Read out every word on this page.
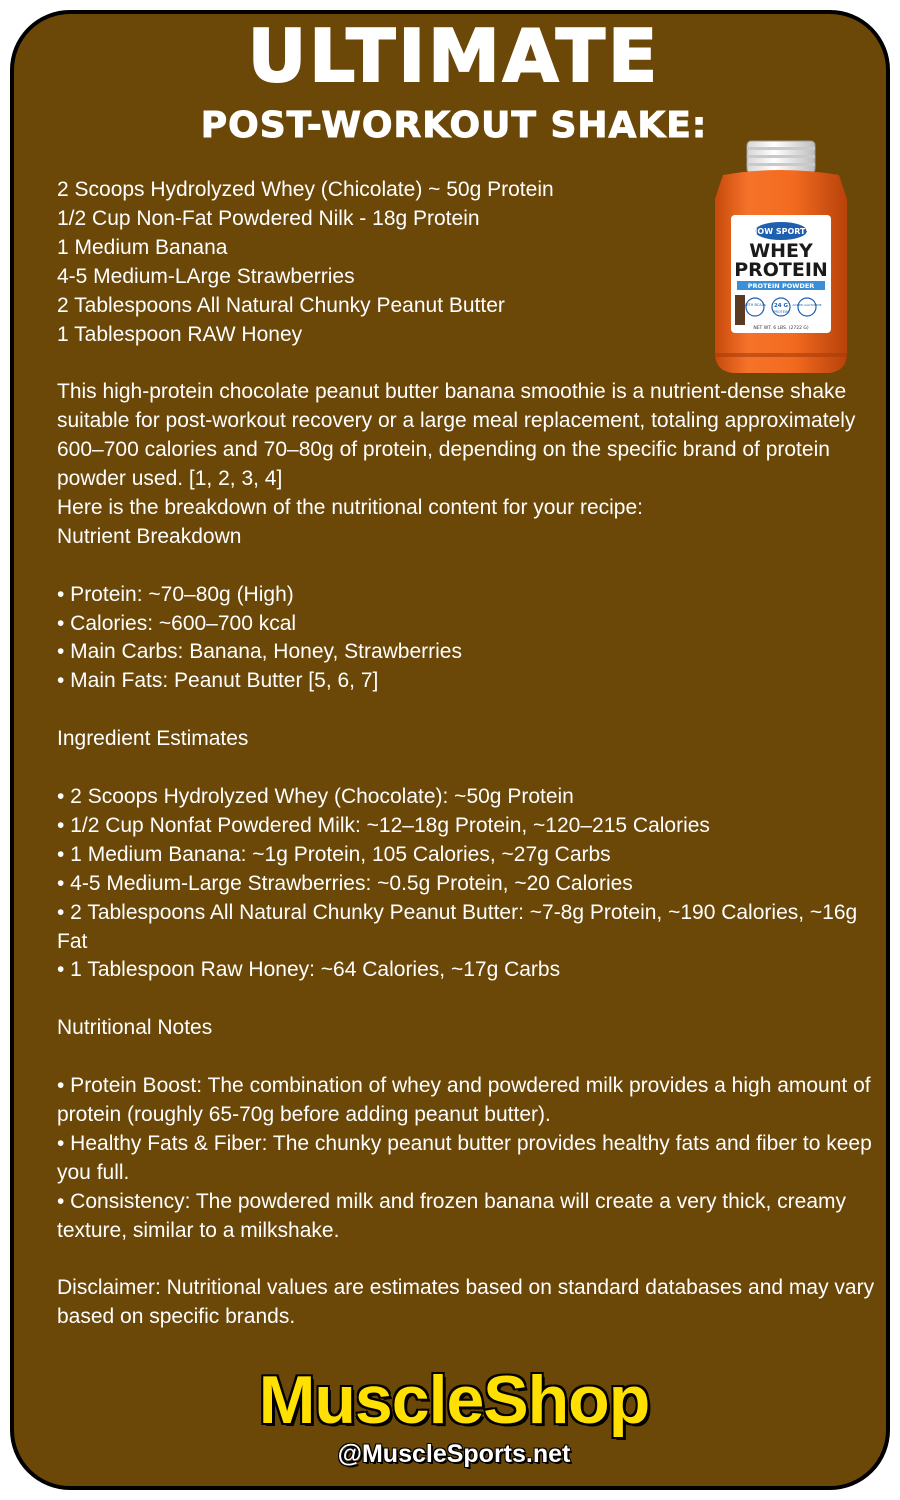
ULTIMATE
POST-WORKOUT SHAKE:
NOW SPORTS
WHEY
PROTEIN
PROTEIN POWDER
WITH BCAAs 24 G
PROTEIN
ADDED GLUTAMINE
NET WT. 6 LBS. (2722 G)
2 Scoops Hydrolyzed Whey (Chicolate) ~ 50g Protein
1/2 Cup Non-Fat Powdered Nilk - 18g Protein
1 Medium Banana
4-5 Medium-LArge Strawberries
2 Tablespoons All Natural Chunky Peanut Butter
1 Tablespoon RAW Honey
This high-protein chocolate peanut butter banana smoothie is a nutrient-dense shake suitable for post-workout recovery or a large meal replacement, totaling approximately 600–700 calories and 70–80g of protein, depending on the specific brand of protein powder used. [1, 2, 3, 4]
Here is the breakdown of the nutritional content for your recipe:
Nutrient Breakdown
• Protein: ~70–80g (High)
• Calories: ~600–700 kcal
• Main Carbs: Banana, Honey, Strawberries
• Main Fats: Peanut Butter [5, 6, 7]
Ingredient Estimates
• 2 Scoops Hydrolyzed Whey (Chocolate): ~50g Protein
• 1/2 Cup Nonfat Powdered Milk: ~12–18g Protein, ~120–215 Calories
• 1 Medium Banana: ~1g Protein, 105 Calories, ~27g Carbs
• 4-5 Medium-Large Strawberries: ~0.5g Protein, ~20 Calories
• 2 Tablespoons All Natural Chunky Peanut Butter: ~7-8g Protein, ~190 Calories, ~16g Fat
• 1 Tablespoon Raw Honey: ~64 Calories, ~17g Carbs
Nutritional Notes
• Protein Boost: The combination of whey and powdered milk provides a high amount of protein (roughly 65-70g before adding peanut butter).
• Healthy Fats & Fiber: The chunky peanut butter provides healthy fats and fiber to keep you full.
• Consistency: The powdered milk and frozen banana will create a very thick, creamy texture, similar to a milkshake.
Disclaimer: Nutritional values are estimates based on standard databases and may vary based on specific brands.
MuscleShop
@MuscleSports.net
